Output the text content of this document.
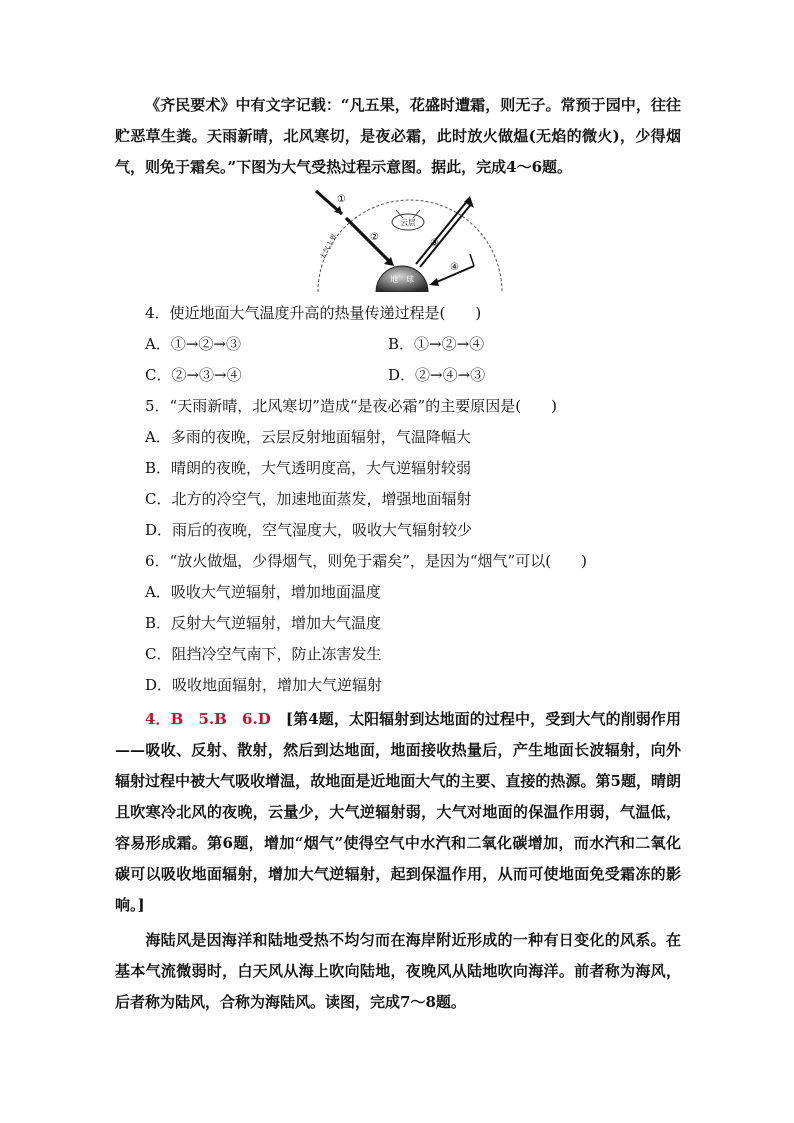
《齐民要术》中有文字记载：“凡五果，花盛时遭霜，则无子。常预于园中，往往贮恶草生粪。天雨新晴，北风寒切，是夜必霜，此时放火做煴(无焰的微火)，少得烟气，则免于霜矣。”下图为大气受热过程示意图。据此，完成4～6题。

地　球
云层
①
②
③
④
大气上界

4．使近地面大气温度升高的热量传递过程是(　　)

A．①→②→③	B．①→②→④

C．②→③→④	D．②→④→③

5．“天雨新晴，北风寒切”造成“是夜必霜”的主要原因是(　　)

A．多雨的夜晚，云层反射地面辐射，气温降幅大

B．晴朗的夜晚，大气透明度高，大气逆辐射较弱

C．北方的冷空气，加速地面蒸发，增强地面辐射

D．雨后的夜晚，空气湿度大，吸收大气辐射较少

6．“放火做煴，少得烟气，则免于霜矣”，是因为“烟气”可以(　　)

A．吸收大气逆辐射，增加地面温度

B．反射大气逆辐射，增加大气温度

C．阻挡冷空气南下，防止冻害发生

D．吸收地面辐射，增加大气逆辐射

4．B　5.B　6.D　 [第4题，太阳辐射到达地面的过程中，受到大气的削弱作用——吸收、反射、散射，然后到达地面，地面接收热量后，产生地面长波辐射，向外辐射过程中被大气吸收增温，故地面是近地面大气的主要、直接的热源。第5题，晴朗且吹寒冷北风的夜晚，云量少，大气逆辐射弱，大气对地面的保温作用弱，气温低，容易形成霜。第6题，增加“烟气”使得空气中水汽和二氧化碳增加，而水汽和二氧化碳可以吸收地面辐射，增加大气逆辐射，起到保温作用，从而可使地面免受霜冻的影响。]

海陆风是因海洋和陆地受热不均匀而在海岸附近形成的一种有日变化的风系。在基本气流微弱时，白天风从海上吹向陆地，夜晚风从陆地吹向海洋。前者称为海风，后者称为陆风，合称为海陆风。读图，完成7～8题。
